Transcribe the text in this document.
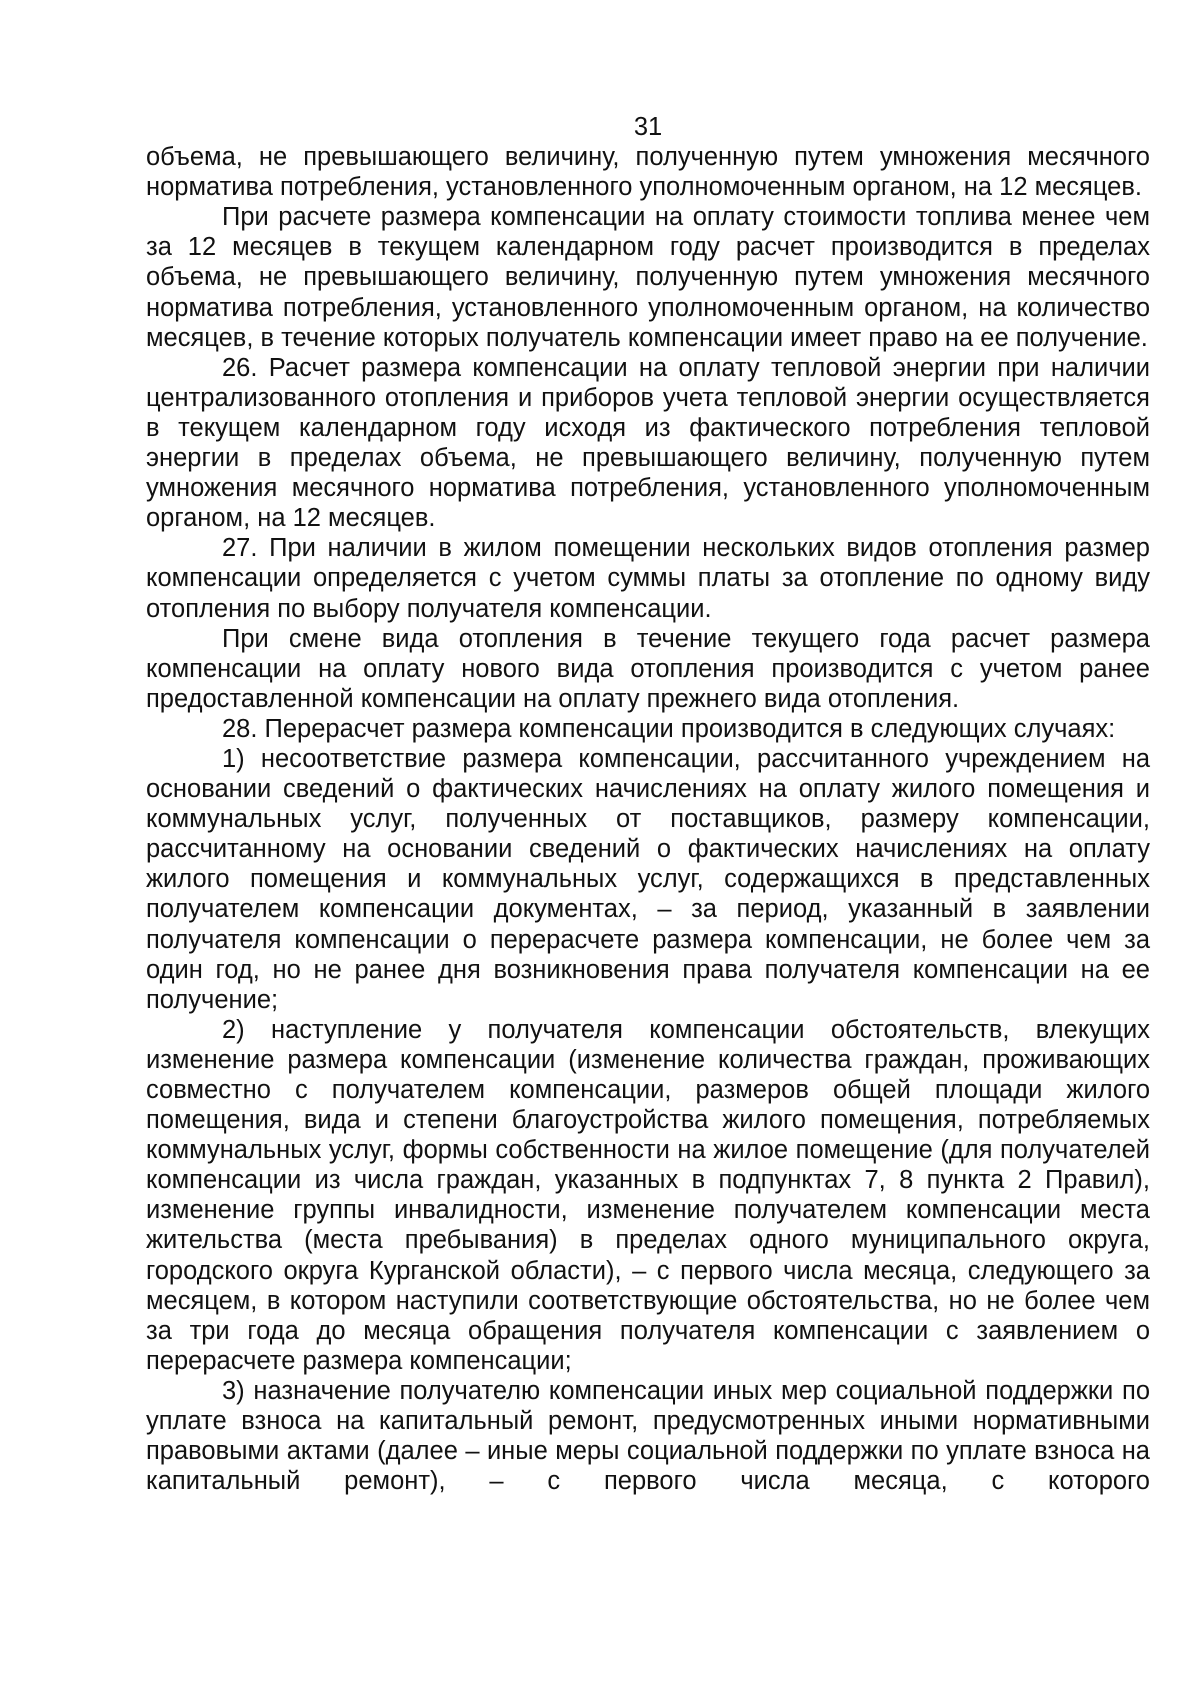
31

объема, не превышающего величину, полученную путем умножения месячного норматива потребления, установленного уполномоченным органом, на 12 месяцев.

При расчете размера компенсации на оплату стоимости топлива менее чем за 12 месяцев в текущем календарном году расчет производится в пределах объема, не превышающего величину, полученную путем умножения месячного норматива потребления, установленного уполномоченным органом, на количество месяцев, в течение которых получатель компенсации имеет право на ее получение.

26. Расчет размера компенсации на оплату тепловой энергии при наличии централизованного отопления и приборов учета тепловой энергии осуществляется в текущем календарном году исходя из фактического потребления тепловой энергии в пределах объема, не превышающего величину, полученную путем умножения месячного норматива потребления, установленного уполномоченным органом, на 12 месяцев.

27. При наличии в жилом помещении нескольких видов отопления размер компенсации определяется с учетом суммы платы за отопление по одному виду отопления по выбору получателя компенсации.

При смене вида отопления в течение текущего года расчет размера компенсации на оплату нового вида отопления производится с учетом ранее предоставленной компенсации на оплату прежнего вида отопления.

28. Перерасчет размера компенсации производится в следующих случаях:

1) несоответствие размера компенсации, рассчитанного учреждением на основании сведений о фактических начислениях на оплату жилого помещения и коммунальных услуг, полученных от поставщиков, размеру компенсации, рассчитанному на основании сведений о фактических начислениях на оплату жилого помещения и коммунальных услуг, содержащихся в представленных получателем компенсации документах, – за период, указанный в заявлении получателя компенсации о перерасчете размера компенсации, не более чем за один год, но не ранее дня возникновения права получателя компенсации на ее получение;

2) наступление у получателя компенсации обстоятельств, влекущих изменение размера компенсации (изменение количества граждан, проживающих совместно с получателем компенсации, размеров общей площади жилого помещения, вида и степени благоустройства жилого помещения, потребляемых коммунальных услуг, формы собственности на жилое помещение (для получателей компенсации из числа граждан, указанных в подпунктах 7, 8 пункта 2 Правил), изменение группы инвалидности, изменение получателем компенсации места жительства (места пребывания) в пределах одного муниципального округа, городского округа Курганской области), – с первого числа месяца, следующего за месяцем, в котором наступили соответствующие обстоятельства, но не более чем за три года до месяца обращения получателя компенсации с заявлением о перерасчете размера компенсации;

3) назначение получателю компенсации иных мер социальной поддержки по уплате взноса на капитальный ремонт, предусмотренных иными нормативными правовыми актами (далее – иные меры социальной поддержки по уплате взноса на капитальный ремонт), – с первого числа месяца, с которого
